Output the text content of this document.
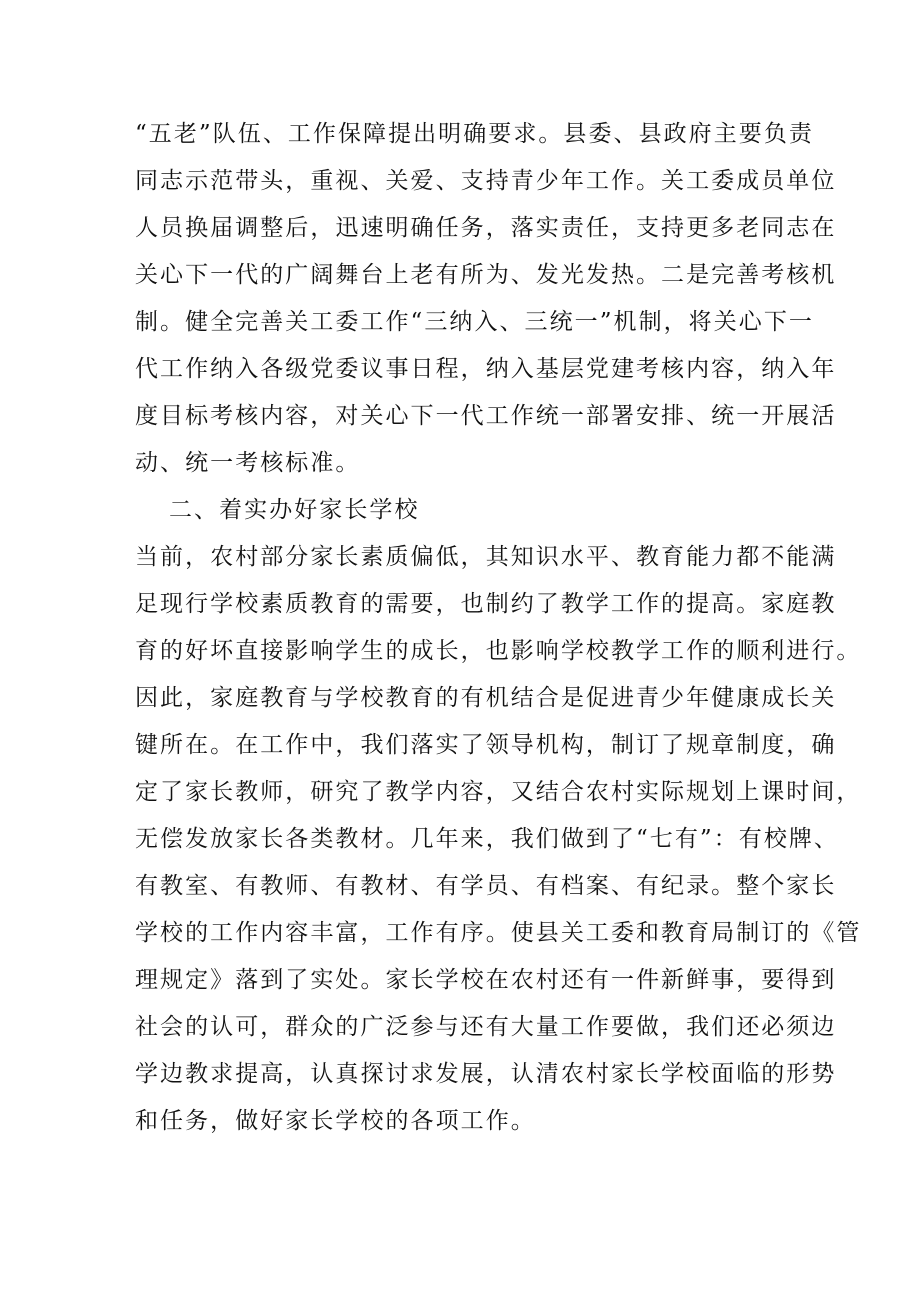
“五老”队伍、工作保障提出明确要求。县委、县政府主要负责
同志示范带头，重视、关爱、支持青少年工作。关工委成员单位
人员换届调整后，迅速明确任务，落实责任，支持更多老同志在
关心下一代的广阔舞台上老有所为、发光发热。二是完善考核机
制。健全完善关工委工作“三纳入、三统一”机制，将关心下一
代工作纳入各级党委议事日程，纳入基层党建考核内容，纳入年
度目标考核内容，对关心下一代工作统一部署安排、统一开展活
动、统一考核标准。
二、着实办好家长学校
当前，农村部分家长素质偏低，其知识水平、教育能力都不能满
足现行学校素质教育的需要，也制约了教学工作的提高。家庭教
育的好坏直接影响学生的成长，也影响学校教学工作的顺利进行。
因此，家庭教育与学校教育的有机结合是促进青少年健康成长关
键所在。在工作中，我们落实了领导机构，制订了规章制度，确
定了家长教师，研究了教学内容，又结合农村实际规划上课时间，
无偿发放家长各类教材。几年来，我们做到了“七有”：有校牌、
有教室、有教师、有教材、有学员、有档案、有纪录。整个家长
学校的工作内容丰富，工作有序。使县关工委和教育局制订的《管
理规定》落到了实处。家长学校在农村还有一件新鲜事，要得到
社会的认可，群众的广泛参与还有大量工作要做，我们还必须边
学边教求提高，认真探讨求发展，认清农村家长学校面临的形势
和任务，做好家长学校的各项工作。
